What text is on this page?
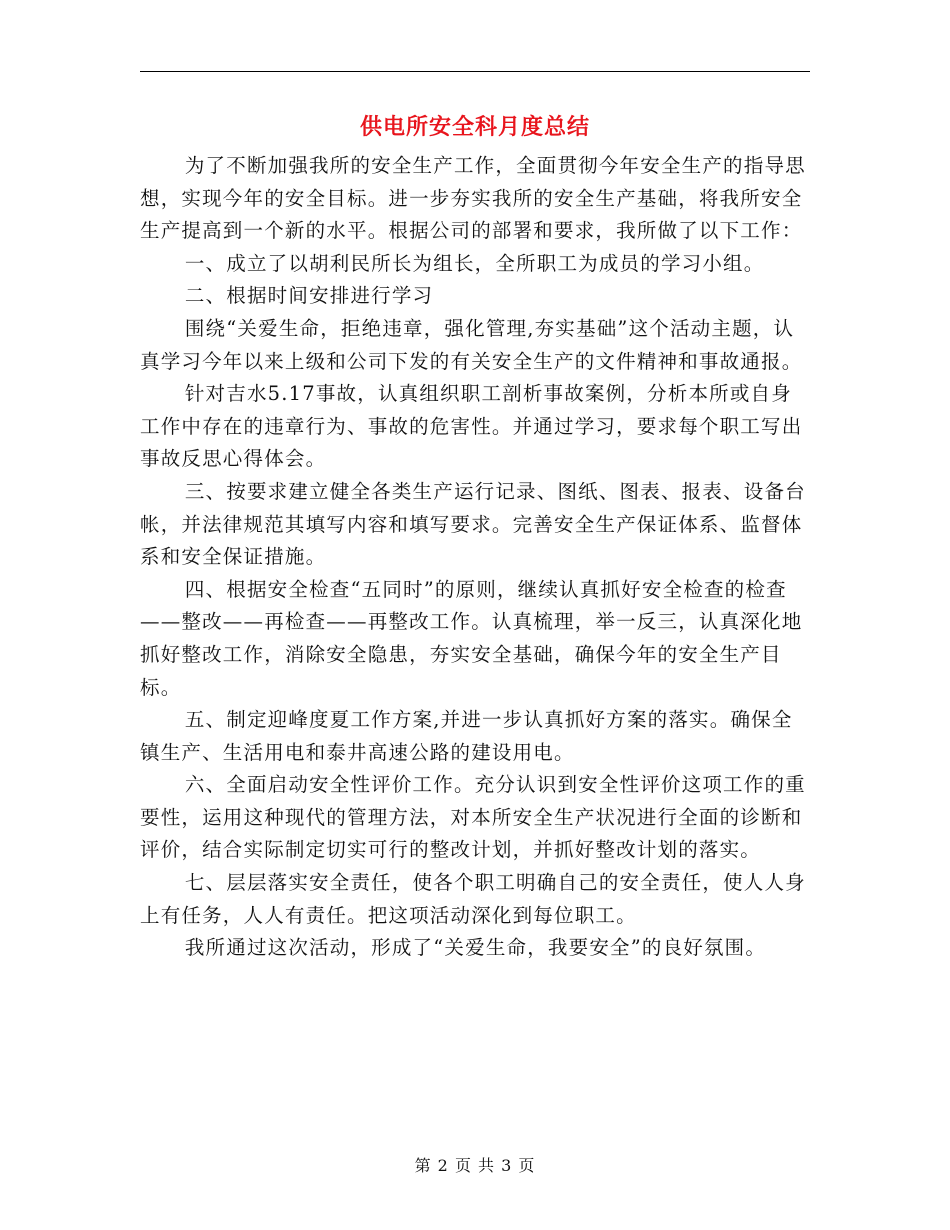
供电所安全科月度总结

为了不断加强我所的安全生产工作，全面贯彻今年安全生产的指导思想，实现今年的安全目标。进一步夯实我所的安全生产基础，将我所安全生产提高到一个新的水平。根据公司的部署和要求，我所做了以下工作：

一、成立了以胡利民所长为组长，全所职工为成员的学习小组。

二、根据时间安排进行学习

围绕“关爱生命，拒绝违章，强化管理,夯实基础”这个活动主题，认真学习今年以来上级和公司下发的有关安全生产的文件精神和事故通报。

针对吉水5.17事故，认真组织职工剖析事故案例，分析本所或自身工作中存在的违章行为、事故的危害性。并通过学习，要求每个职工写出事故反思心得体会。

三、按要求建立健全各类生产运行记录、图纸、图表、报表、设备台帐，并法律规范其填写内容和填写要求。完善安全生产保证体系、监督体系和安全保证措施。

四、根据安全检查“五同时”的原则，继续认真抓好安全检查的检查——整改——再检查——再整改工作。认真梳理，举一反三，认真深化地抓好整改工作，消除安全隐患，夯实安全基础，确保今年的安全生产目标。

五、制定迎峰度夏工作方案,并进一步认真抓好方案的落实。确保全镇生产、生活用电和泰井高速公路的建设用电。

六、全面启动安全性评价工作。充分认识到安全性评价这项工作的重要性，运用这种现代的管理方法，对本所安全生产状况进行全面的诊断和评价，结合实际制定切实可行的整改计划，并抓好整改计划的落实。

七、层层落实安全责任，使各个职工明确自己的安全责任，使人人身上有任务，人人有责任。把这项活动深化到每位职工。

我所通过这次活动，形成了“关爱生命，我要安全”的良好氛围。

第 2 页 共 3 页
